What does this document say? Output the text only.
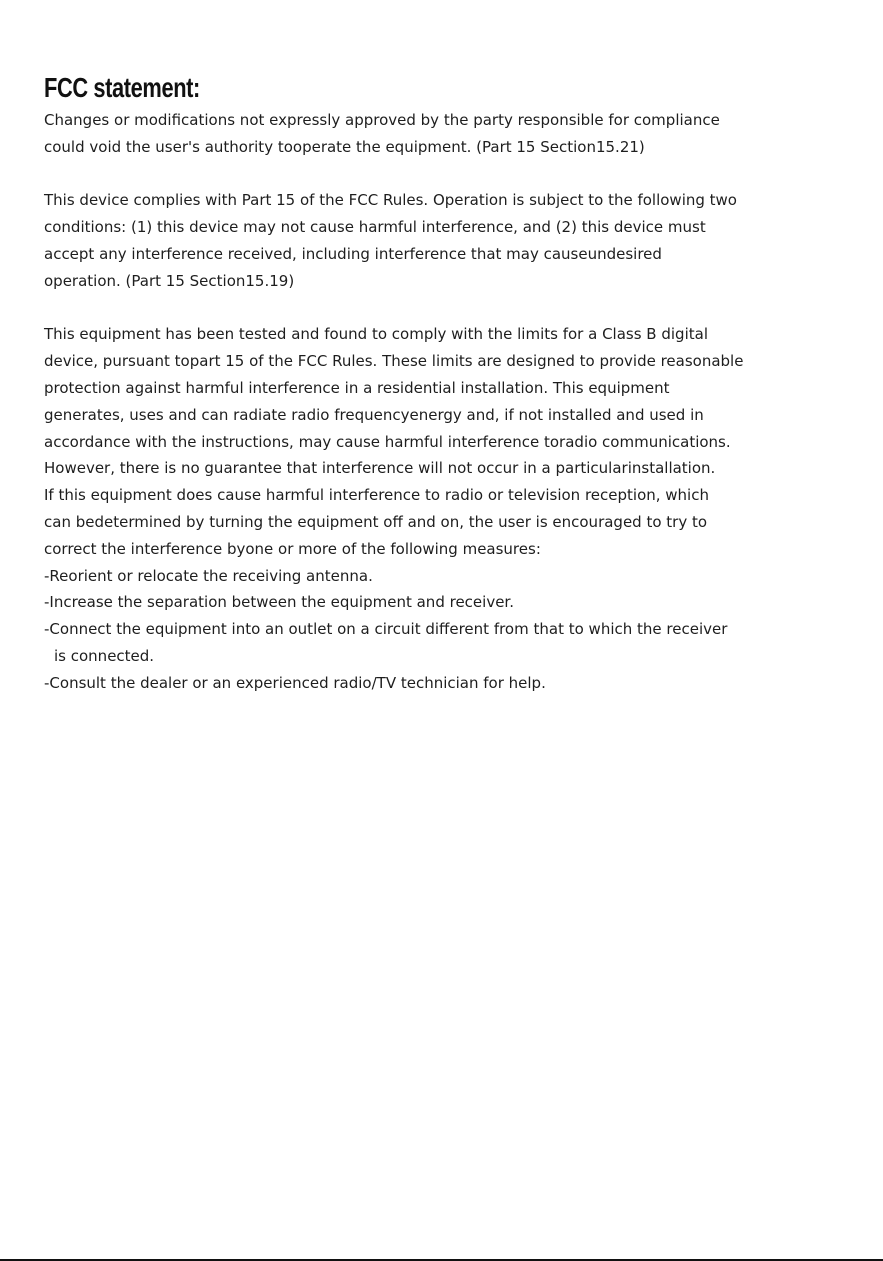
FCC statement:
Changes or modifications not expressly approved by the party responsible for compliance
could void the user's authority tooperate the equipment. (Part 15 Section15.21)
This device complies with Part 15 of the FCC Rules. Operation is subject to the following two
conditions: (1) this device may not cause harmful interference, and (2) this device must
accept any interference received, including interference that may causeundesired
operation. (Part 15 Section15.19)
This equipment has been tested and found to comply with the limits for a Class B digital
device, pursuant topart 15 of the FCC Rules. These limits are designed to provide reasonable
protection against harmful interference in a residential installation. This equipment
generates, uses and can radiate radio frequencyenergy and, if not installed and used in
accordance with the instructions, may cause harmful interference toradio communications.
However, there is no guarantee that interference will not occur in a particularinstallation.
If this equipment does cause harmful interference to radio or television reception, which
can bedetermined by turning the equipment off and on, the user is encouraged to try to
correct the interference byone or more of the following measures:
-Reorient or relocate the receiving antenna.
-Increase the separation between the equipment and receiver.
-Connect the equipment into an outlet on a circuit different from that to which the receiver
is connected.
-Consult the dealer or an experienced radio/TV technician for help.
